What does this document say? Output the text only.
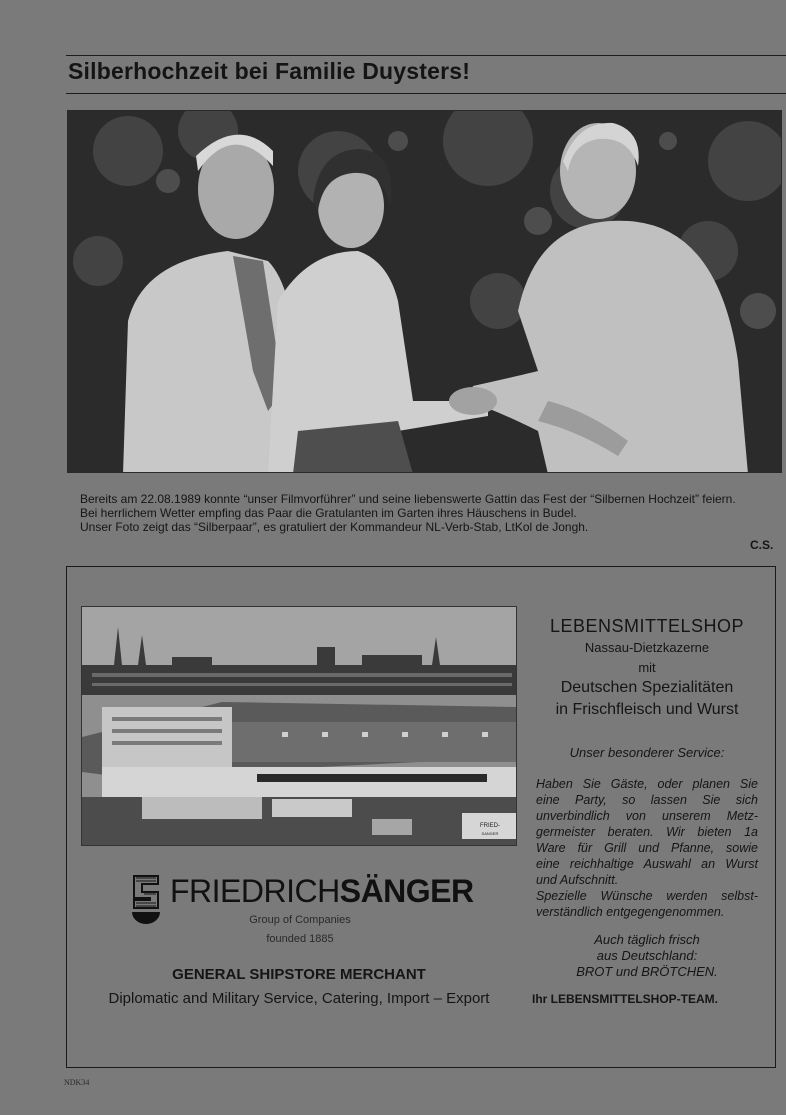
Silberhochzeit bei Familie Duysters!
Bereits am 22.08.1989 konnte “unser Filmvorführer” und seine liebenswerte Gattin das Fest der “Silbernen Hochzeit” feiern.
Bei herrlichem Wetter empfing das Paar die Gratulanten im Garten ihres Häuschens in Budel.
Unser Foto zeigt das “Silberpaar”, es gratuliert der Kommandeur NL-Verb-Stab, LtKol de Jongh.
C.S.
FRIED-
SANGER
FRIEDRICHSÄNGER
Group of Companies
founded 1885
GENERAL SHIPSTORE MERCHANT
Diplomatic and Military Service, Catering, Import – Export
LEBENSMITTELSHOP
Nassau-Dietzkazerne
mit
Deutschen Spezialitäten
in Frischfleisch und Wurst
Unser besonderer Service:
Haben Sie Gäste, oder planen Sie
eine Party, so lassen Sie sich
unverbindlich von unserem Metz-
germeister beraten. Wir bieten 1a
Ware für Grill und Pfanne, sowie
eine reichhaltige Auswahl an Wurst
und Aufschnitt.
Spezielle Wünsche werden selbst-
verständlich entgegengenommen.
Auch täglich frisch
aus Deutschland:
BROT und BRÖTCHEN.
Ihr LEBENSMITTELSHOP-TEAM.
NDK34
